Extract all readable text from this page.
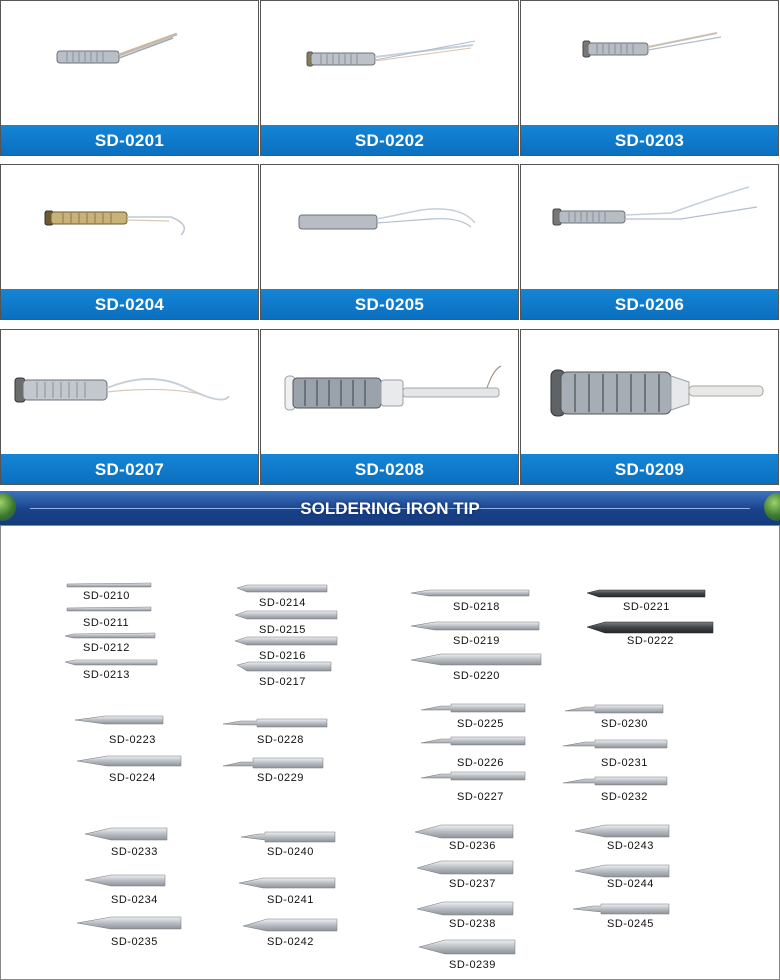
SD-0201	SD-0202	SD-0203
SD-0204	SD-0205	SD-0206
SD-0207	SD-0208	SD-0209
SOLDERING IRON TIP
SD-0210
SD-0211
SD-0212
SD-0213
SD-0214
SD-0215
SD-0216
SD-0217
SD-0218
SD-0219
SD-0220
SD-0221
SD-0222
SD-0223
SD-0224
SD-0228
SD-0229
SD-0225
SD-0226
SD-0227
SD-0230
SD-0231
SD-0232
SD-0233
SD-0234
SD-0235
SD-0240
SD-0241
SD-0242
SD-0236
SD-0237
SD-0238
SD-0239
SD-0243
SD-0244
SD-0245
